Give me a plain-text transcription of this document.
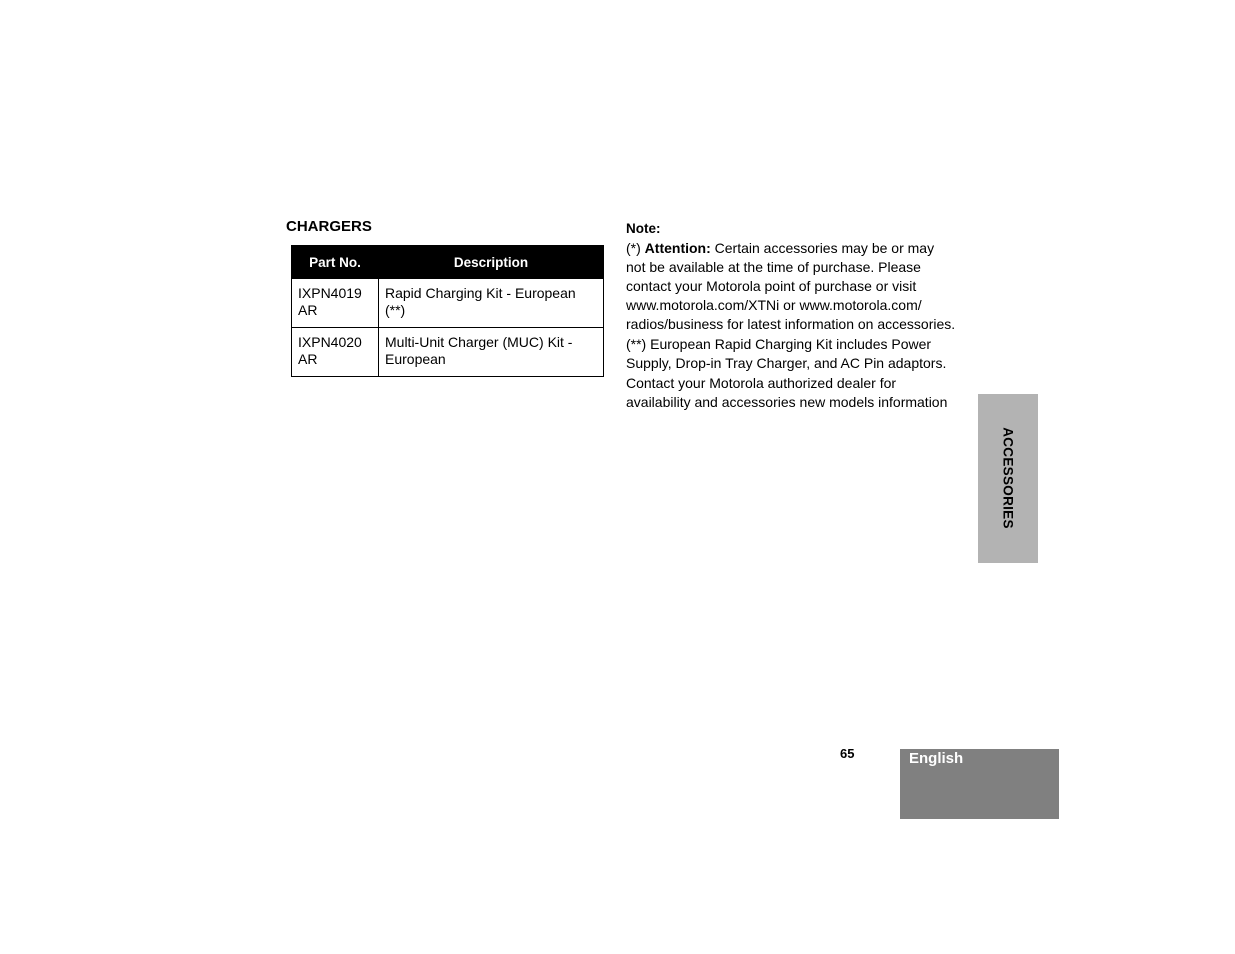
CHARGERS
Part No.	Description
IXPN4019 AR	Rapid Charging Kit - European (**)
IXPN4020 AR	Multi-Unit Charger (MUC) Kit - European

Note:

(*) Attention: Certain accessories may be or may not be available at the time of purchase. Please contact your Motorola point of purchase or visit www.motorola.com/XTNi or www.motorola.com/ radios/business for latest information on accessories.

(**) European Rapid Charging Kit includes Power Supply, Drop-in Tray Charger, and AC Pin adaptors.

Contact your Motorola authorized dealer for availability and accessories new models information

ACCESSORIES
65	English
